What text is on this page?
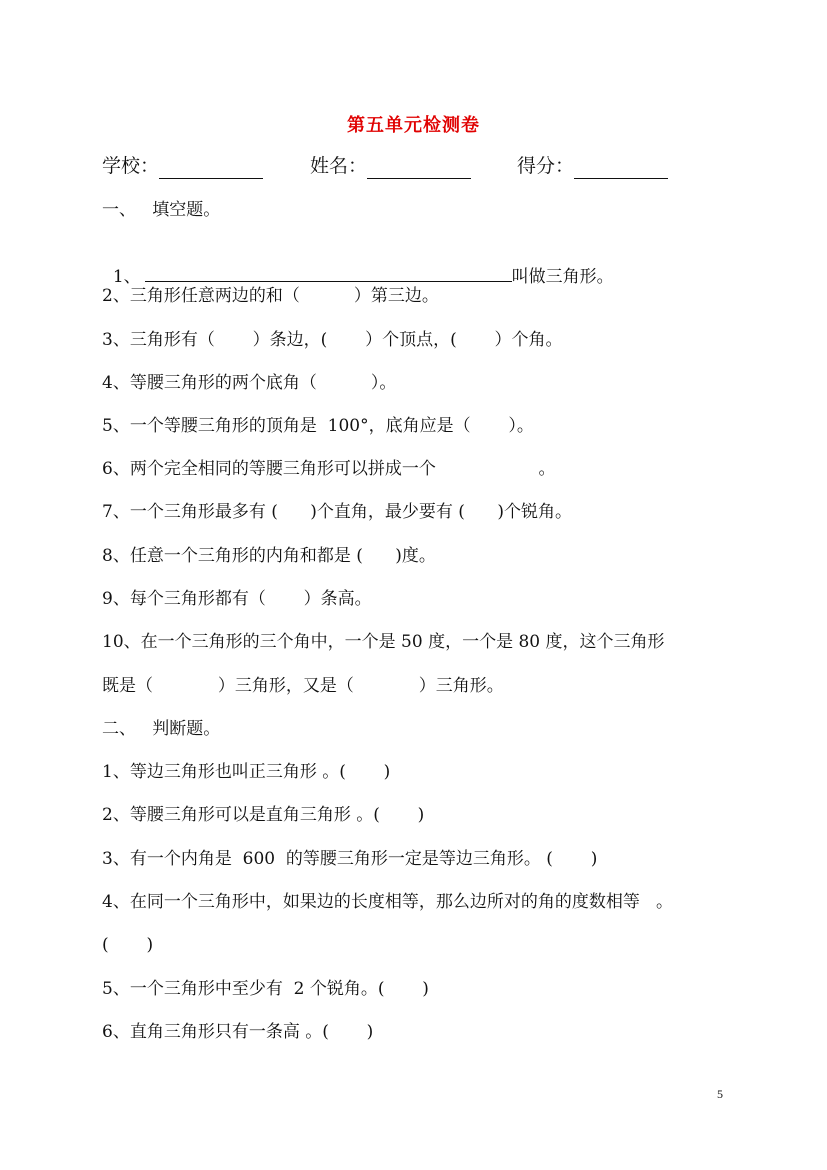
第五单元检测卷
学校：	姓名：	得分：
一、   填空题。

1、	叫做三角形。

2、三角形任意两边的和（          ）第三边。
3、三角形有（       ）条边，(       ）个顶点，(       ）个角。
4、等腰三角形的两个底角（          ）。
5、一个等腰三角形的顶角是  100°，底角应是（       ）。
6、两个完全相同的等腰三角形可以拼成一个                   。
7、一个三角形最多有 (      )个直角，最少要有 (      )个锐角。
8、任意一个三角形的内角和都是 (      )度。
9、每个三角形都有（       ）条高。
10、在一个三角形的三个角中，一个是 50 度，一个是 80 度，这个三角形
既是（            ）三角形，又是（            ）三角形。
二、   判断题。
1、等边三角形也叫正三角形 。(       )
2、等腰三角形可以是直角三角形 。(       )
3、有一个内角是  600  的等腰三角形一定是等边三角形。 (       )
4、在同一个三角形中，如果边的长度相等，那么边所对的角的度数相等   。
(       )
5、一个三角形中至少有  2 个锐角。(       )
6、直角三角形只有一条高 。(       )
5
